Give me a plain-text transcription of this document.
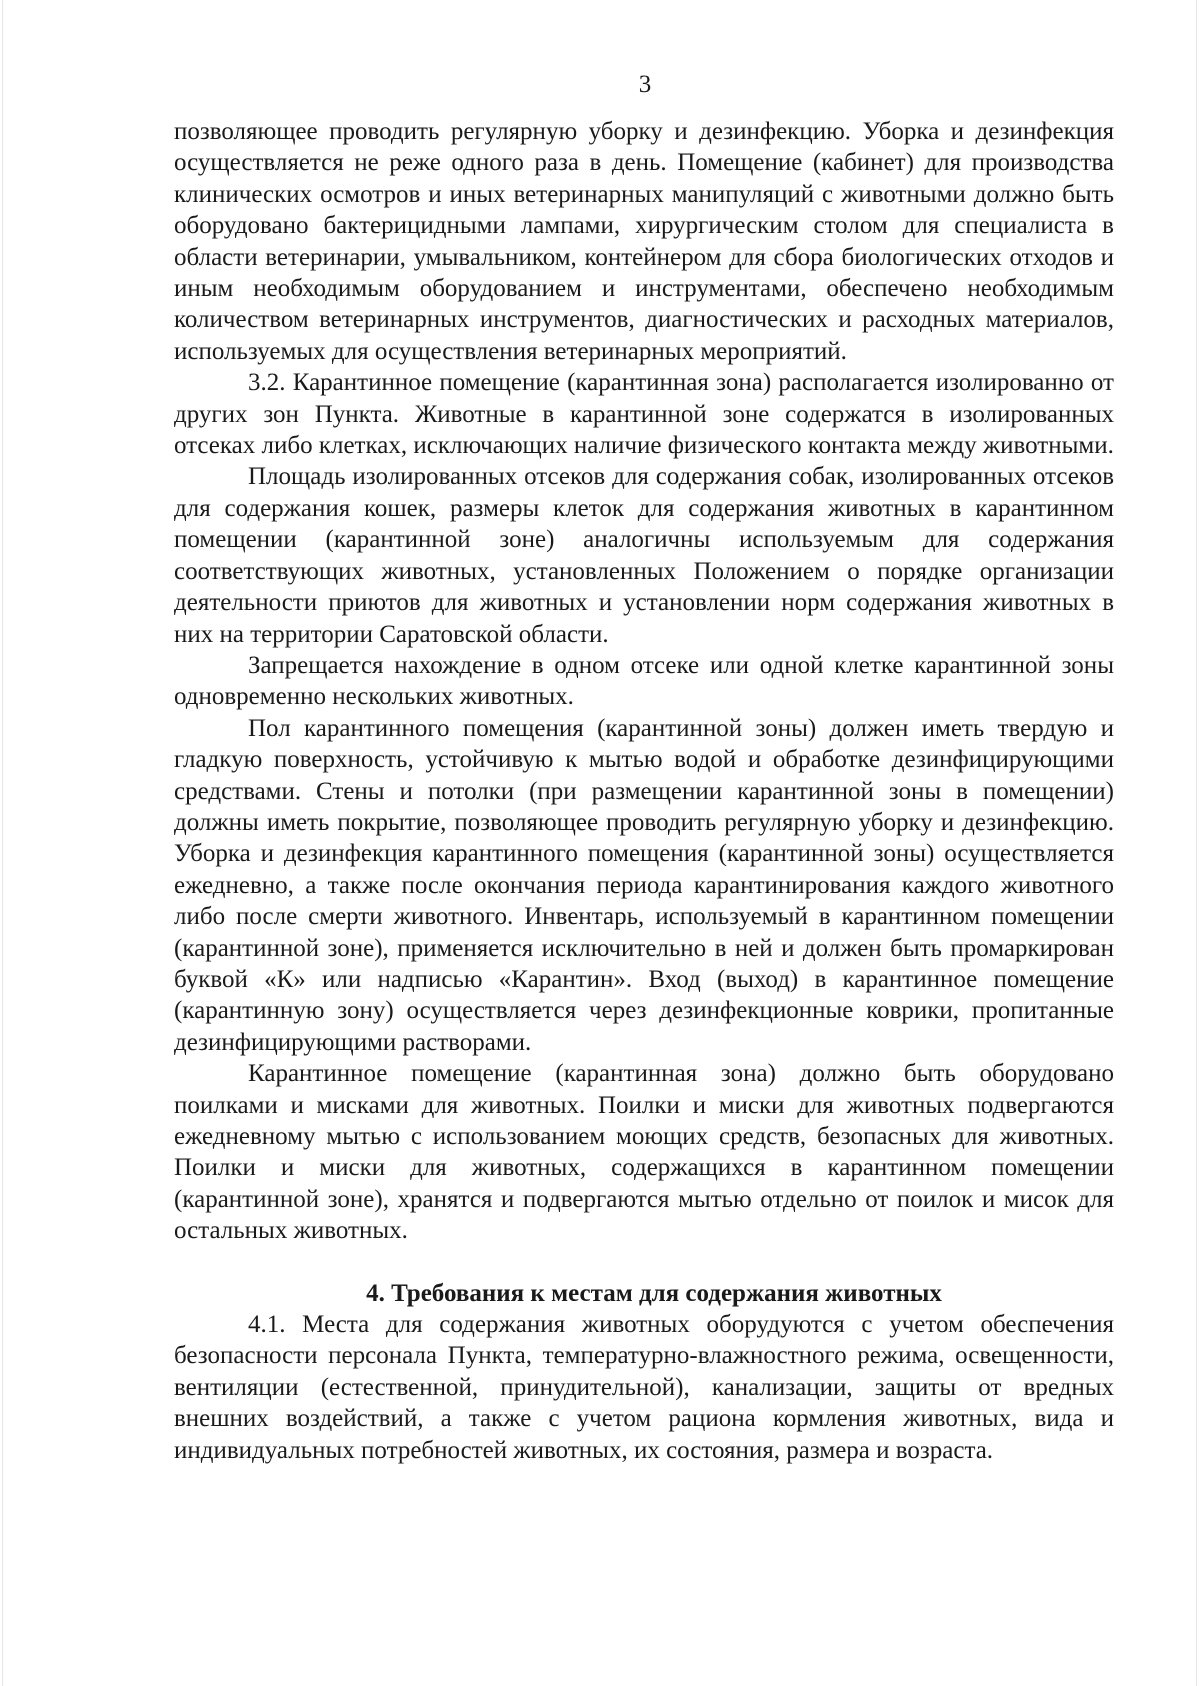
3

позволяющее проводить регулярную уборку и дезинфекцию. Уборка и дезинфекция осуществляется не реже одного раза в день. Помещение (кабинет) для производства клинических осмотров и иных ветеринарных манипуляций с животными должно быть оборудовано бактерицидными лампами, хирургическим столом для специалиста в области ветеринарии, умывальником, контейнером для сбора биологических отходов и иным необходимым оборудованием и инструментами, обеспечено необходимым количеством ветеринарных инструментов, диагностических и расходных материалов, используемых для осуществления ветеринарных мероприятий.

3.2. Карантинное помещение (карантинная зона) располагается изолированно от других зон Пункта. Животные в карантинной зоне содержатся в изолированных отсеках либо клетках, исключающих наличие физического контакта между животными.

Площадь изолированных отсеков для содержания собак, изолированных отсеков для содержания кошек, размеры клеток для содержания животных в карантинном помещении (карантинной зоне) аналогичны используемым для содержания соответствующих животных, установленных Положением о порядке организации деятельности приютов для животных и установлении норм содержания животных в них на территории Саратовской области.

Запрещается нахождение в одном отсеке или одной клетке карантинной зоны одновременно нескольких животных.

Пол карантинного помещения (карантинной зоны) должен иметь твердую и гладкую поверхность, устойчивую к мытью водой и обработке дезинфицирующими средствами. Стены и потолки (при размещении карантинной зоны в помещении) должны иметь покрытие, позволяющее проводить регулярную уборку и дезинфекцию. Уборка и дезинфекция карантинного помещения (карантинной зоны) осуществляется ежедневно, а также после окончания периода карантинирования каждого животного либо после смерти животного. Инвентарь, используемый в карантинном помещении (карантинной зоне), применяется исключительно в ней и должен быть промаркирован буквой «К» или надписью «Карантин». Вход (выход) в карантинное помещение (карантинную зону) осуществляется через дезинфекционные коврики, пропитанные дезинфицирующими растворами.

Карантинное помещение (карантинная зона) должно быть оборудовано поилками и мисками для животных. Поилки и миски для животных подвергаются ежедневному мытью с использованием моющих средств, безопасных для животных. Поилки и миски для животных, содержащихся в карантинном помещении (карантинной зоне), хранятся и подвергаются мытью отдельно от поилок и мисок для остальных животных.

4. Требования к местам для содержания животных

4.1. Места для содержания животных оборудуются с учетом обеспечения безопасности персонала Пункта, температурно-влажностного режима, освещенности, вентиляции (естественной, принудительной), канализации, защиты от вредных внешних воздействий, а также с учетом рациона кормления животных, вида и индивидуальных потребностей животных, их состояния, размера и возраста.
